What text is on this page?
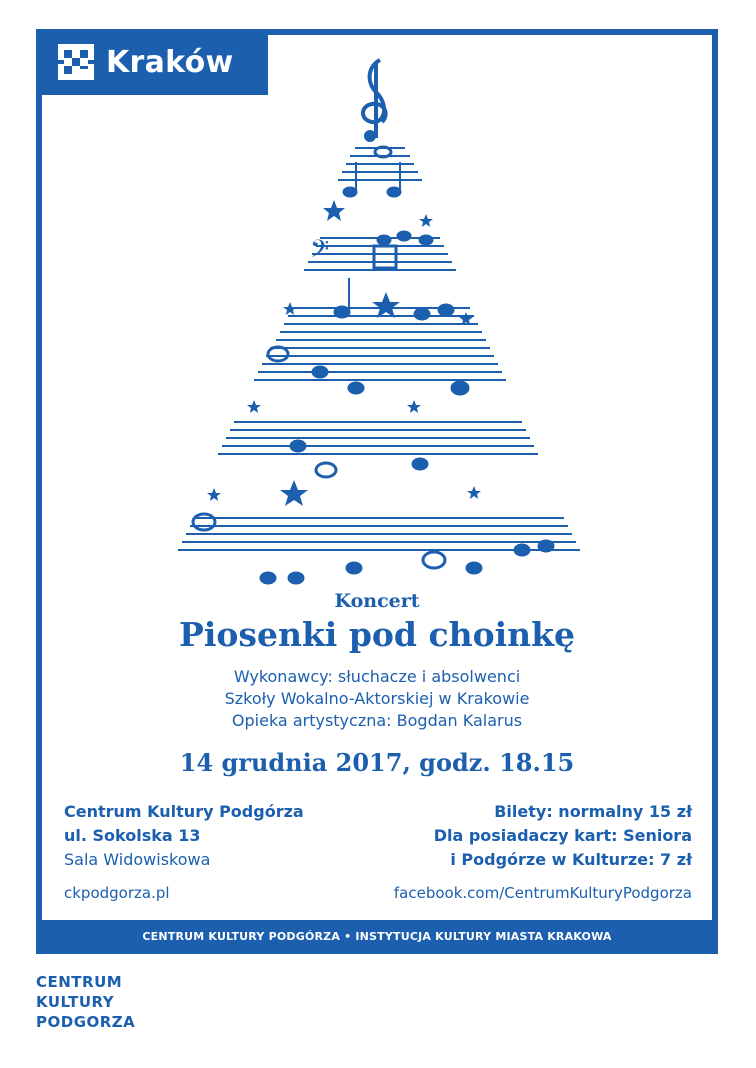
Kraków
𝄢

Koncert

Piosenki pod choinkę

Wykonawcy: słuchacze i absolwenci
Szkoły Wokalno-Aktorskiej w Krakowie
Opieka artystyczna: Bogdan Kalarus
14 grudnia 2017, godz. 18.15
Centrum Kultury Podgórza
ul. Sokolska 13
Sala Widowiskowa
Bilety: normalny 15 zł
Dla posiadaczy kart: Seniora
i Podgórze w Kulturze: 7 zł
ckpodgorza.pl	facebook.com/CentrumKulturyPodgorza
CENTRUM KULTURY PODGÓRZA • INSTYTUCJA KULTURY MIASTA KRAKOWA
CENTRUM
KULTURY
PODGORZA
